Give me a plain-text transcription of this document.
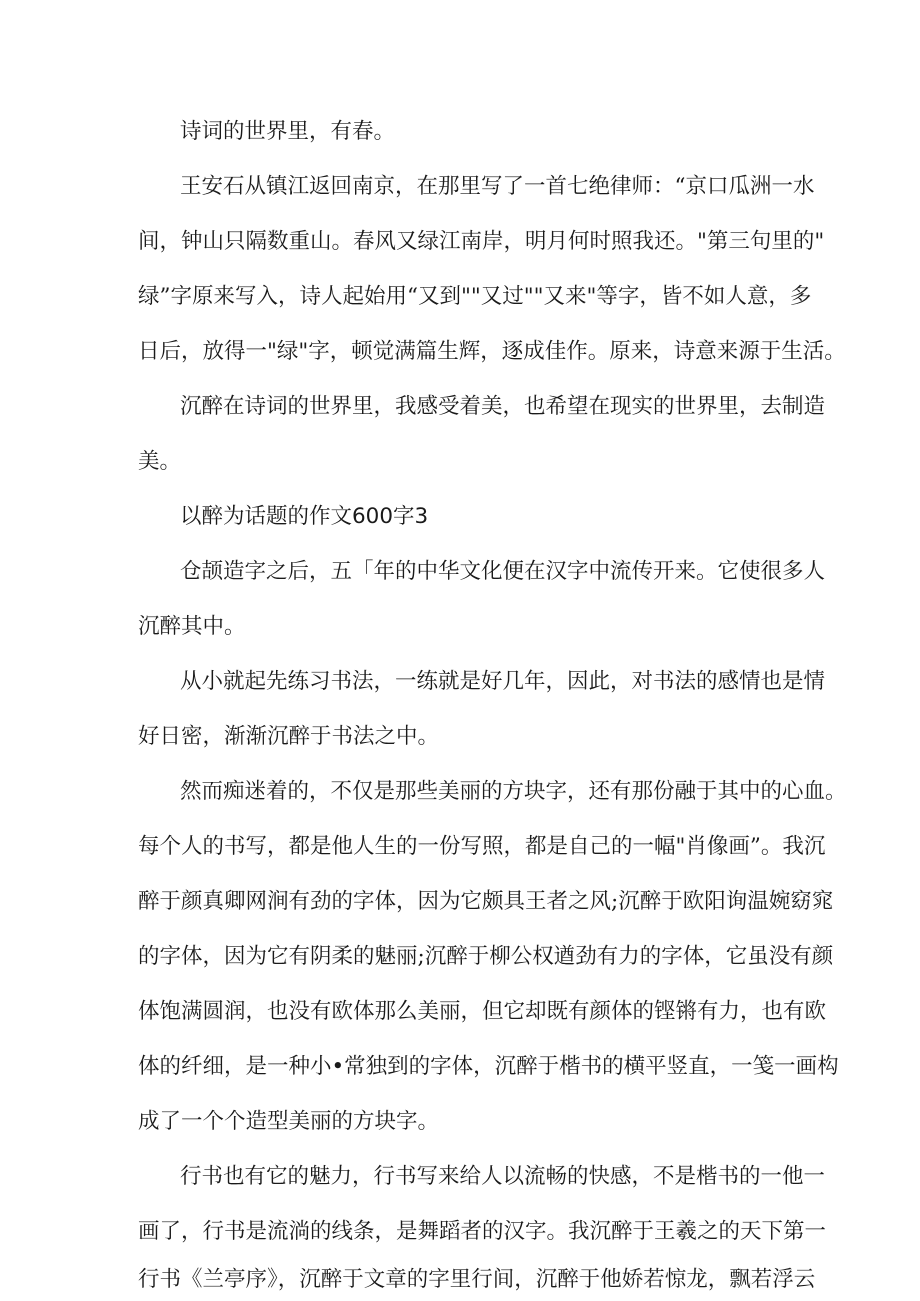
诗词的世界里，有春。
王安石从镇江返回南京，在那里写了一首七绝律师：“京口瓜洲一水
间，钟山只隔数重山。春风又绿江南岸，明月何时照我还。"第三句里的"
绿”字原来写入，诗人起始用“又到""又过""又来"等字，皆不如人意，多
日后，放得一"绿"字，顿觉满篇生辉，逐成佳作。原来，诗意来源于生活。
沉醉在诗词的世界里，我感受着美，也希望在现实的世界里，去制造
美。
以醉为话题的作文600字3
仓颉造字之后，五「年的中华文化便在汉字中流传开来。它使很多人
沉醉其中。
从小就起先练习书法，一练就是好几年，因此，对书法的感情也是情
好日密，渐渐沉醉于书法之中。
然而痴迷着的，不仅是那些美丽的方块字，还有那份融于其中的心血。
每个人的书写，都是他人生的一份写照，都是自己的一幅"肖像画”。我沉
醉于颜真卿网涧有劲的字体，因为它颇具王者之风;沉醉于欧阳询温婉窈窕
的字体，因为它有阴柔的魅丽;沉醉于柳公权遒劲有力的字体，它虽没有颜
体饱满圆润，也没有欧体那么美丽，但它却既有颜体的铿锵有力，也有欧
体的纤细，是一种小•常独到的字体，沉醉于楷书的横平竖直，一笺一画构
成了一个个造型美丽的方块字。
行书也有它的魅力，行书写来给人以流畅的快感，不是楷书的一他一
画了，行书是流淌的线条，是舞蹈者的汉字。我沉醉于王羲之的天下第一
行书《兰亭序》，沉醉于文章的字里行间，沉醉于他娇若惊龙，飘若浮云
